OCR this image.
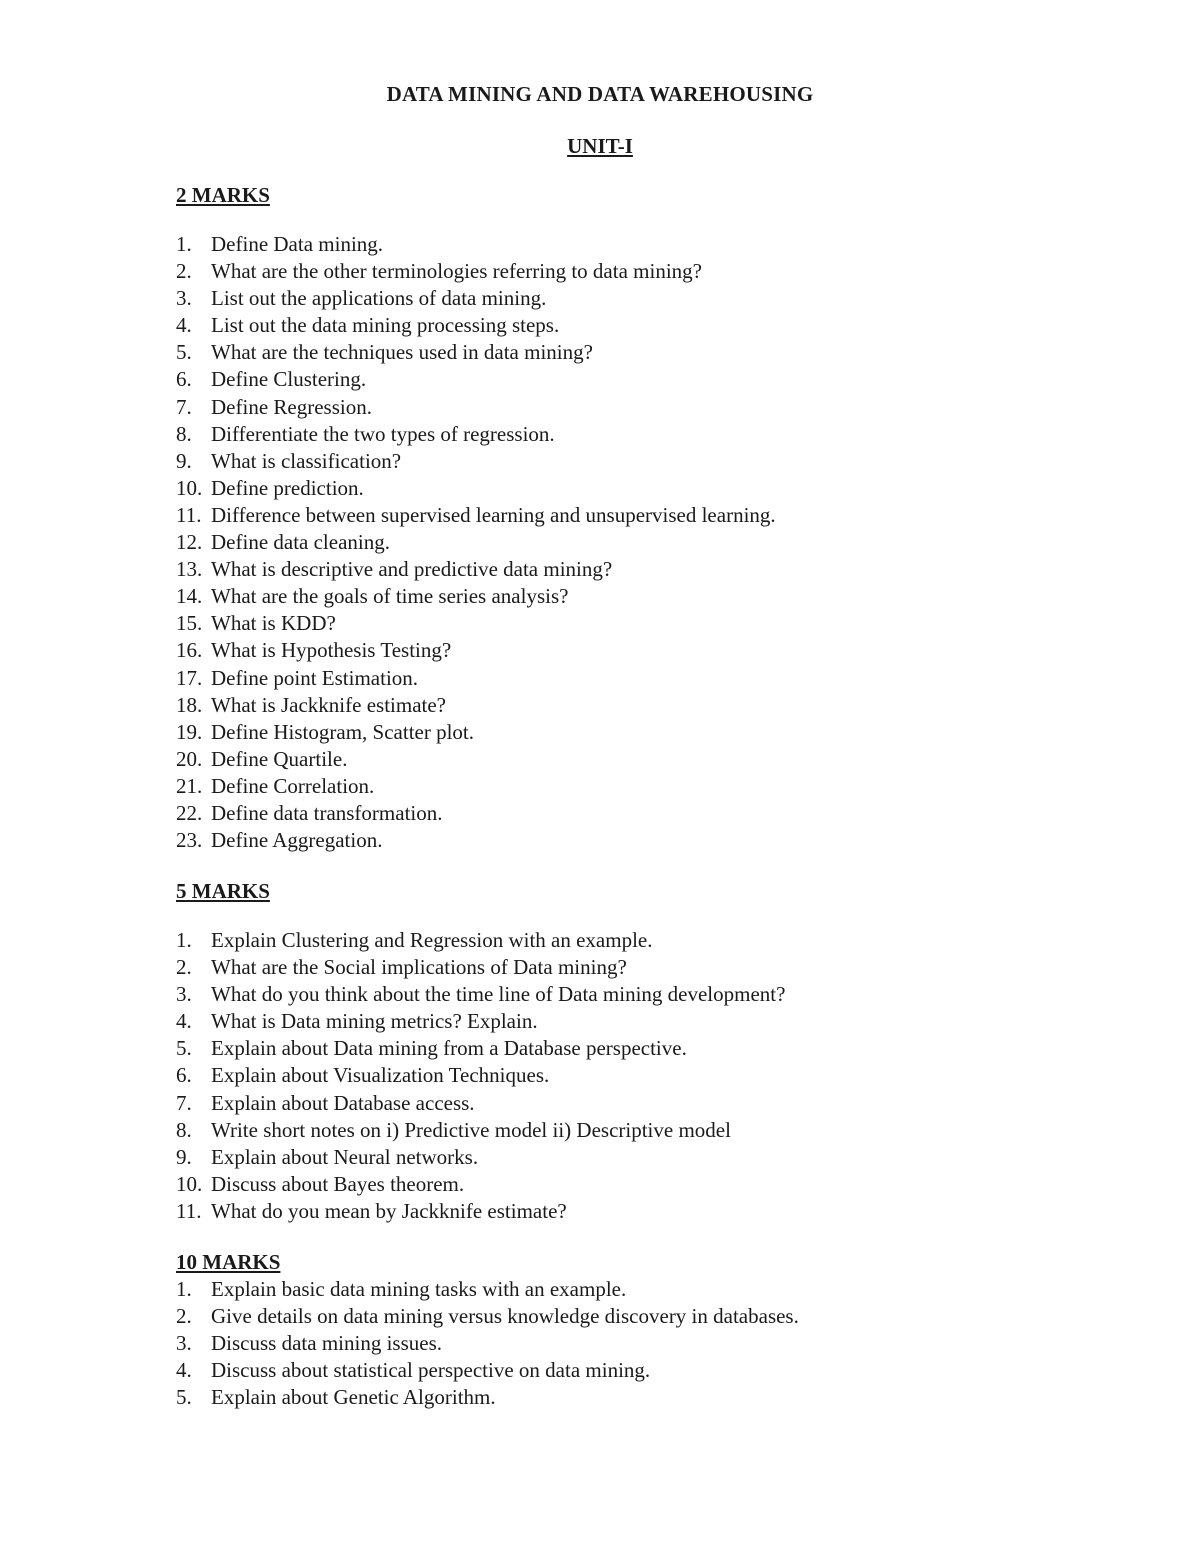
DATA MINING AND DATA WAREHOUSING
UNIT-I
2 MARKS
1. Define Data mining.
2. What are the other terminologies referring to data mining?
3. List out the applications of data mining.
4. List out the data mining processing steps.
5. What are the techniques used in data mining?
6. Define Clustering.
7. Define Regression.
8. Differentiate the two types of regression.
9. What is classification?
10. Define prediction.
11. Difference between supervised learning and unsupervised learning.
12. Define data cleaning.
13. What is descriptive and predictive data mining?
14. What are the goals of time series analysis?
15. What is KDD?
16. What is Hypothesis Testing?
17. Define point Estimation.
18. What is Jackknife estimate?
19. Define Histogram, Scatter plot.
20. Define Quartile.
21. Define Correlation.
22. Define data transformation.
23. Define Aggregation.
5 MARKS
1. Explain Clustering and Regression with an example.
2. What are the Social implications of Data mining?
3. What do you think about the time line of Data mining development?
4. What is Data mining metrics? Explain.
5. Explain about Data mining from a Database perspective.
6. Explain about Visualization Techniques.
7. Explain about Database access.
8. Write short notes on i) Predictive model ii) Descriptive model
9. Explain about Neural networks.
10. Discuss about Bayes theorem.
11. What do you mean by Jackknife estimate?
10 MARKS
1. Explain basic data mining tasks with an example.
2. Give details on data mining versus knowledge discovery in databases.
3. Discuss data mining issues.
4. Discuss about statistical perspective on data mining.
5. Explain about Genetic Algorithm.
